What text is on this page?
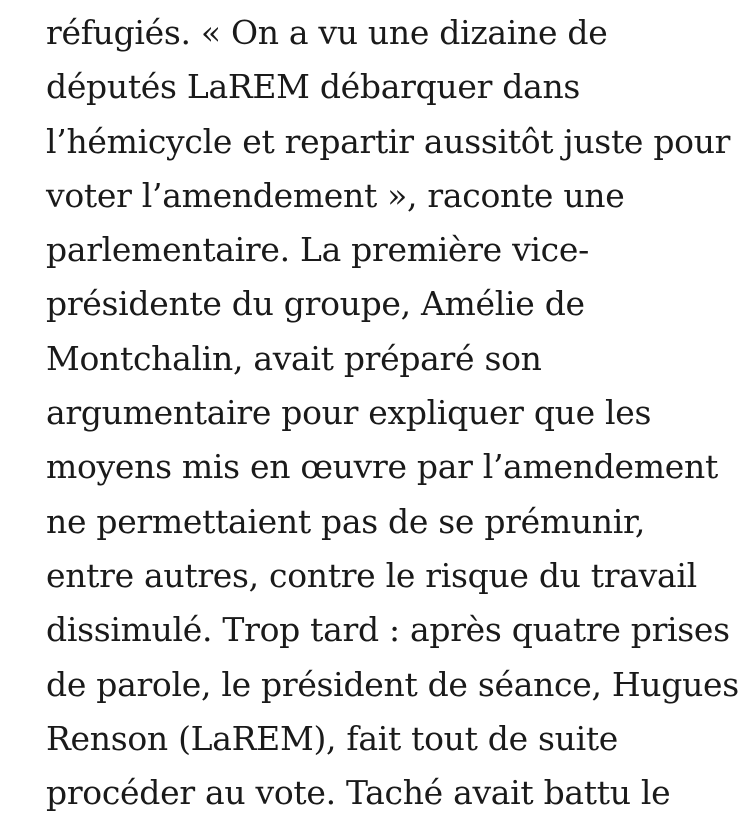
réfugiés. « On a vu une dizaine de
députés LaREM débarquer dans
l’hémicycle et repartir aussitôt juste pour
voter l’amendement », raconte une
parlementaire. La première vice-
présidente du groupe, Amélie de
Montchalin, avait préparé son
argumentaire pour expliquer que les
moyens mis en œuvre par l’amendement
ne permettaient pas de se prémunir,
entre autres, contre le risque du travail
dissimulé. Trop tard : après quatre prises
de parole, le président de séance, Hugues
Renson (LaREM), fait tout de suite
procéder au vote. Taché avait battu le
